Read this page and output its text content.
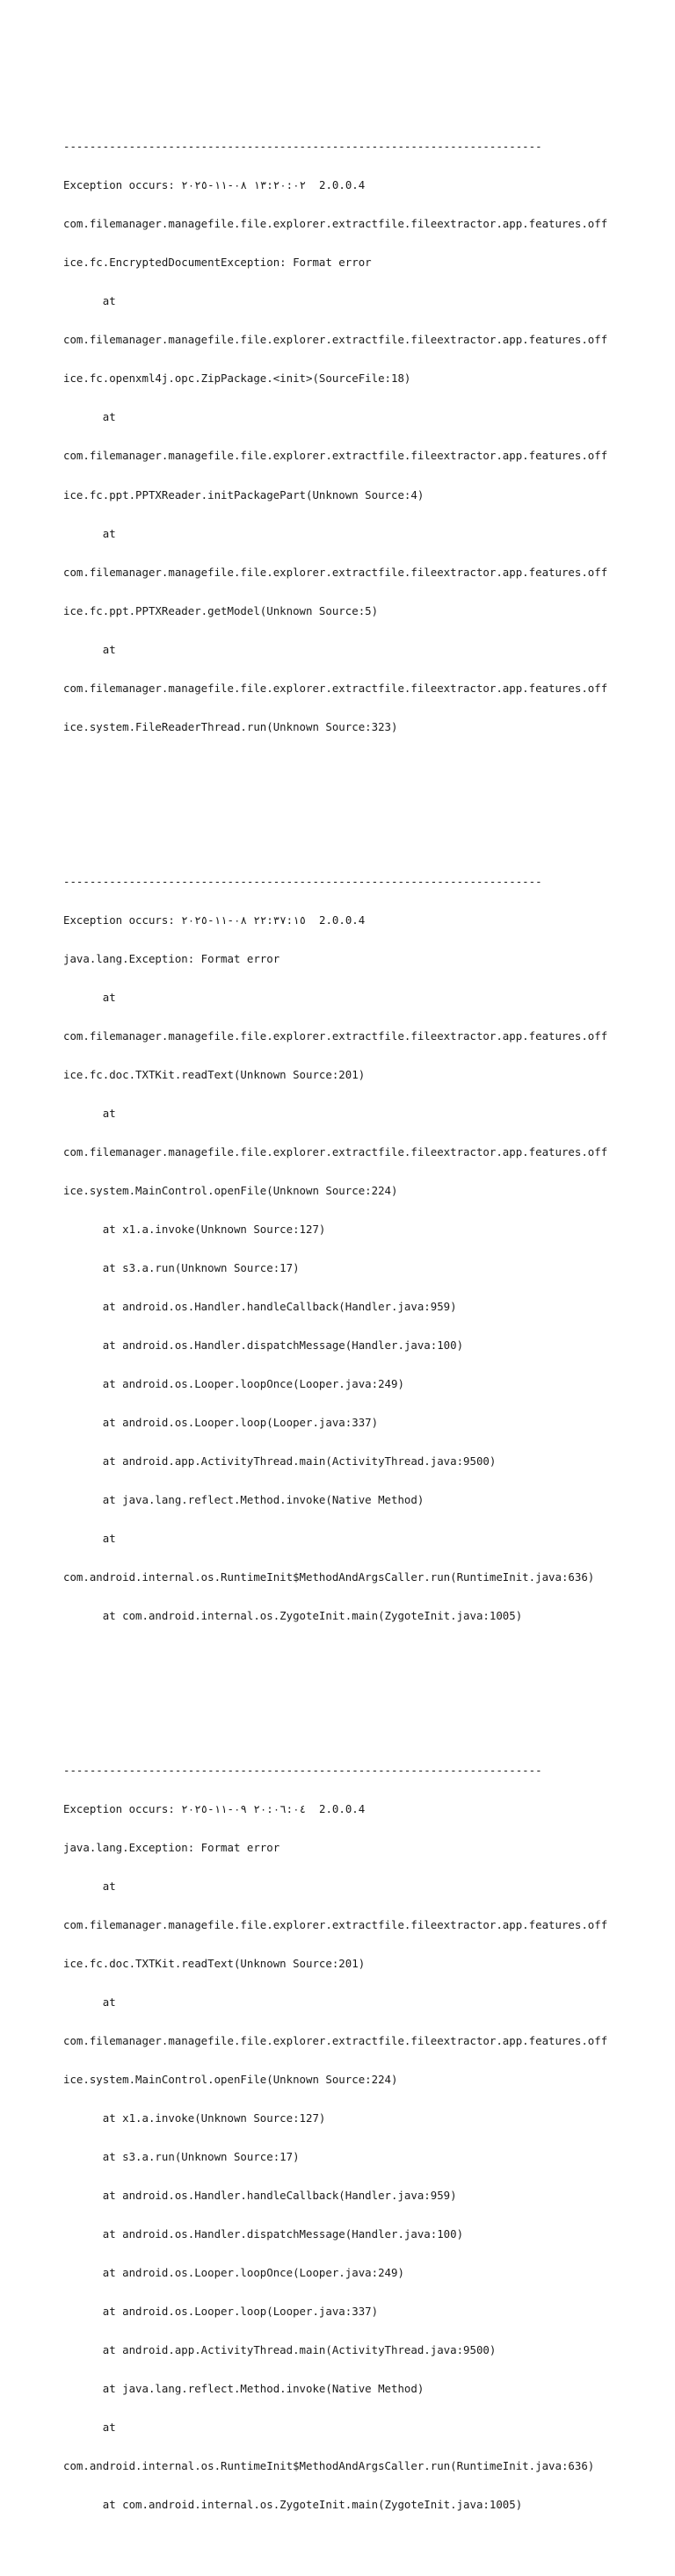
-------------------------------------------------------------------------

Exception occurs: ١٣:٢٠:٠٢ ٠٨-١١-٢٠٢٥  2.0.0.4

com.filemanager.managefile.file.explorer.extractfile.fileextractor.app.features.off

ice.fc.EncryptedDocumentException: Format error

at

com.filemanager.managefile.file.explorer.extractfile.fileextractor.app.features.off

ice.fc.openxml4j.opc.ZipPackage.<init>(SourceFile:18)

at

com.filemanager.managefile.file.explorer.extractfile.fileextractor.app.features.off

ice.fc.ppt.PPTXReader.initPackagePart(Unknown Source:4)

at

com.filemanager.managefile.file.explorer.extractfile.fileextractor.app.features.off

ice.fc.ppt.PPTXReader.getModel(Unknown Source:5)

at

com.filemanager.managefile.file.explorer.extractfile.fileextractor.app.features.off

ice.system.FileReaderThread.run(Unknown Source:323)

-------------------------------------------------------------------------

Exception occurs: ٢٢:٣٧:١٥ ٠٨-١١-٢٠٢٥  2.0.0.4

java.lang.Exception: Format error

at

com.filemanager.managefile.file.explorer.extractfile.fileextractor.app.features.off

ice.fc.doc.TXTKit.readText(Unknown Source:201)

at

com.filemanager.managefile.file.explorer.extractfile.fileextractor.app.features.off

ice.system.MainControl.openFile(Unknown Source:224)

at x1.a.invoke(Unknown Source:127)

at s3.a.run(Unknown Source:17)

at android.os.Handler.handleCallback(Handler.java:959)

at android.os.Handler.dispatchMessage(Handler.java:100)

at android.os.Looper.loopOnce(Looper.java:249)

at android.os.Looper.loop(Looper.java:337)

at android.app.ActivityThread.main(ActivityThread.java:9500)

at java.lang.reflect.Method.invoke(Native Method)

at

com.android.internal.os.RuntimeInit$MethodAndArgsCaller.run(RuntimeInit.java:636)

at com.android.internal.os.ZygoteInit.main(ZygoteInit.java:1005)

-------------------------------------------------------------------------

Exception occurs: ٢٠:٠٦:٠٤ ٠٩-١١-٢٠٢٥  2.0.0.4

java.lang.Exception: Format error

at

com.filemanager.managefile.file.explorer.extractfile.fileextractor.app.features.off

ice.fc.doc.TXTKit.readText(Unknown Source:201)

at

com.filemanager.managefile.file.explorer.extractfile.fileextractor.app.features.off

ice.system.MainControl.openFile(Unknown Source:224)

at x1.a.invoke(Unknown Source:127)

at s3.a.run(Unknown Source:17)

at android.os.Handler.handleCallback(Handler.java:959)

at android.os.Handler.dispatchMessage(Handler.java:100)

at android.os.Looper.loopOnce(Looper.java:249)

at android.os.Looper.loop(Looper.java:337)

at android.app.ActivityThread.main(ActivityThread.java:9500)

at java.lang.reflect.Method.invoke(Native Method)

at

com.android.internal.os.RuntimeInit$MethodAndArgsCaller.run(RuntimeInit.java:636)

at com.android.internal.os.ZygoteInit.main(ZygoteInit.java:1005)
